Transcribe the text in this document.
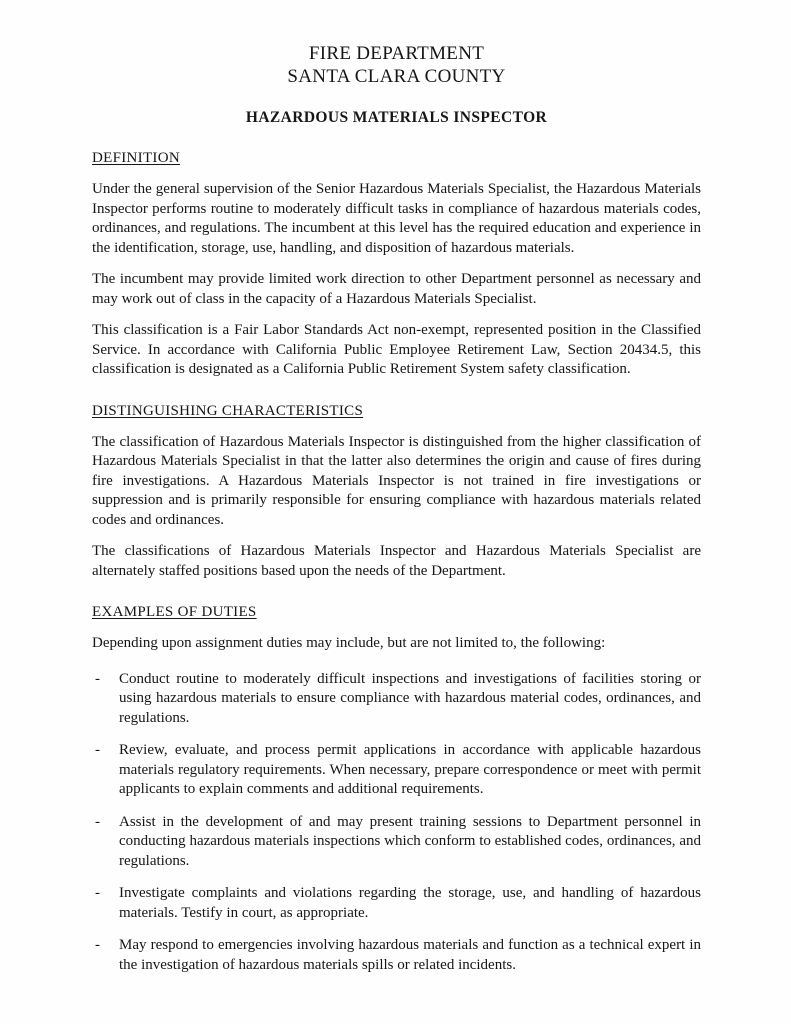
FIRE DEPARTMENT
SANTA CLARA COUNTY
HAZARDOUS MATERIALS INSPECTOR
DEFINITION

Under the general supervision of the Senior Hazardous Materials Specialist, the Hazardous Materials Inspector performs routine to moderately difficult tasks in compliance of hazardous materials codes, ordinances, and regulations. The incumbent at this level has the required education and experience in the identification, storage, use, handling, and disposition of hazardous materials.

The incumbent may provide limited work direction to other Department personnel as necessary and may work out of class in the capacity of a Hazardous Materials Specialist.

This classification is a Fair Labor Standards Act non-exempt, represented position in the Classified Service. In accordance with California Public Employee Retirement Law, Section 20434.5, this classification is designated as a California Public Retirement System safety classification.

DISTINGUISHING CHARACTERISTICS

The classification of Hazardous Materials Inspector is distinguished from the higher classification of Hazardous Materials Specialist in that the latter also determines the origin and cause of fires during fire investigations. A Hazardous Materials Inspector is not trained in fire investigations or suppression and is primarily responsible for ensuring compliance with hazardous materials related codes and ordinances.

The classifications of Hazardous Materials Inspector and Hazardous Materials Specialist are alternately staffed positions based upon the needs of the Department.

EXAMPLES OF DUTIES

Depending upon assignment duties may include, but are not limited to, the following:

-	Conduct routine to moderately difficult inspections and investigations of facilities storing or using hazardous materials to ensure compliance with hazardous material codes, ordinances, and regulations.
-	Review, evaluate, and process permit applications in accordance with applicable hazardous materials regulatory requirements. When necessary, prepare correspondence or meet with permit applicants to explain comments and additional requirements.
-	Assist in the development of and may present training sessions to Department personnel in conducting hazardous materials inspections which conform to established codes, ordinances, and regulations.
-	Investigate complaints and violations regarding the storage, use, and handling of hazardous materials. Testify in court, as appropriate.
-	May respond to emergencies involving hazardous materials and function as a technical expert in the investigation of hazardous materials spills or related incidents.
